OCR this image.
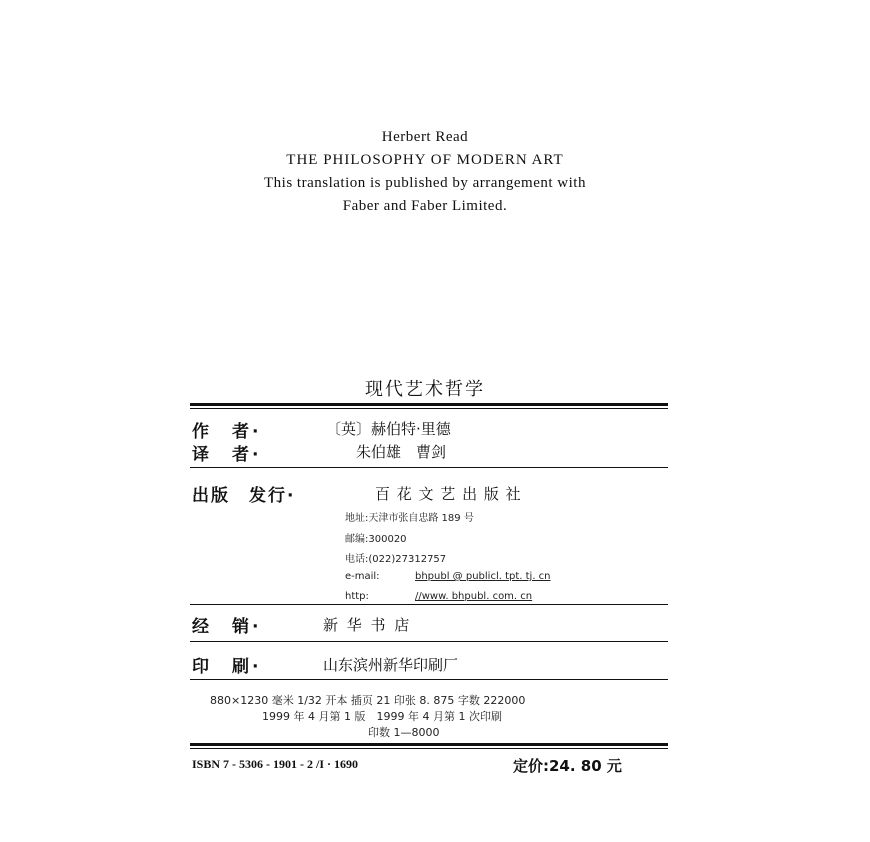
Herbert Read
THE PHILOSOPHY OF MODERN ART
This translation is published by arrangement with
Faber and Faber Limited.
现代艺术哲学
作　者·	〔英〕赫伯特·里德
译　者·	朱伯雄　曹剑
出版　发行·	百 花 文 艺 出 版 社
地址:天津市张自忠路 189 号
邮编:300020
电话:(022)27312757
e-mail:	bhpubl @ publicl. tpt. tj. cn
http:	//www. bhpubl. com. cn
经　销·	新 华 书 店
印　刷·	山东滨州新华印刷厂
880×1230 毫米 1/32 开本 插页 21 印张 8. 875 字数 222000
1999 年 4 月第 1 版　1999 年 4 月第 1 次印刷
印数 1—8000
ISBN 7 - 5306 - 1901 - 2 /I · 1690	定价:24. 80 元
